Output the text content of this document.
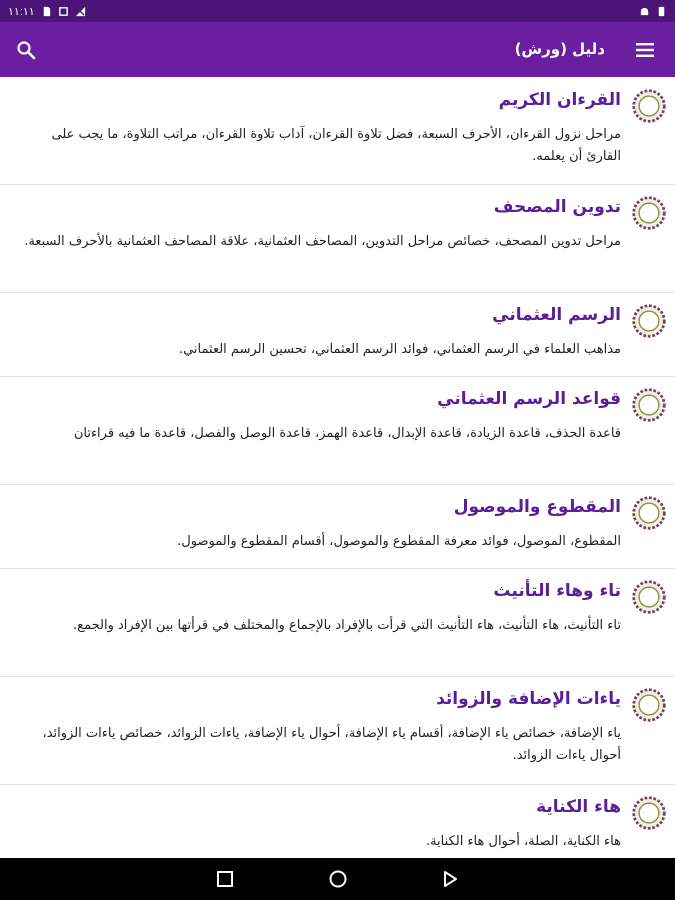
١١:١١
دليل (ورش)
القرءان الكريم
مراحل نزول القرءان، الأحرف السبعة، فضل تلاوة القرءان، آداب تلاوة القرءان، مراتب التلاوة، ما يجب على القارئ أن يعلمه.
تدوين المصحف
مراحل تدوين المصحف، خصائص مراحل التدوين، المصاحف العثمانية، علاقة المصاحف العثمانية بالأحرف السبعة.
الرسم العثماني
مذاهب العلماء في الرسم العثماني، فوائد الرسم العثماني، تحسين الرسم العثماني.
قواعد الرسم العثماني
قاعدة الحذف، قاعدة الزيادة، قاعدة الإبدال، قاعدة الهمز، قاعدة الوصل والفصل، قاعدة ما فيه قراءتان
المقطوع والموصول
المقطوع، الموصول، فوائد معرفة المقطوع والموصول، أقسام المقطوع والموصول.
تاء وهاء التأنيث
تاء التأنيث، هاء التأنيث، هاء التأنيث التي قرأت بالإفراد بالإجماع والمختلف في قرأتها بين الإفراد والجمع.
ياءات الإضافة والزوائد
ياء الإضافة، خصائص ياء الإضافة، أقسام ياء الإضافة، أحوال ياء الإضافة، ياءات الزوائد، خصائص ياءات الزوائد، أحوال ياءات الزوائد.
هاء الكناية
هاء الكناية، الصلة، أحوال هاء الكناية.
